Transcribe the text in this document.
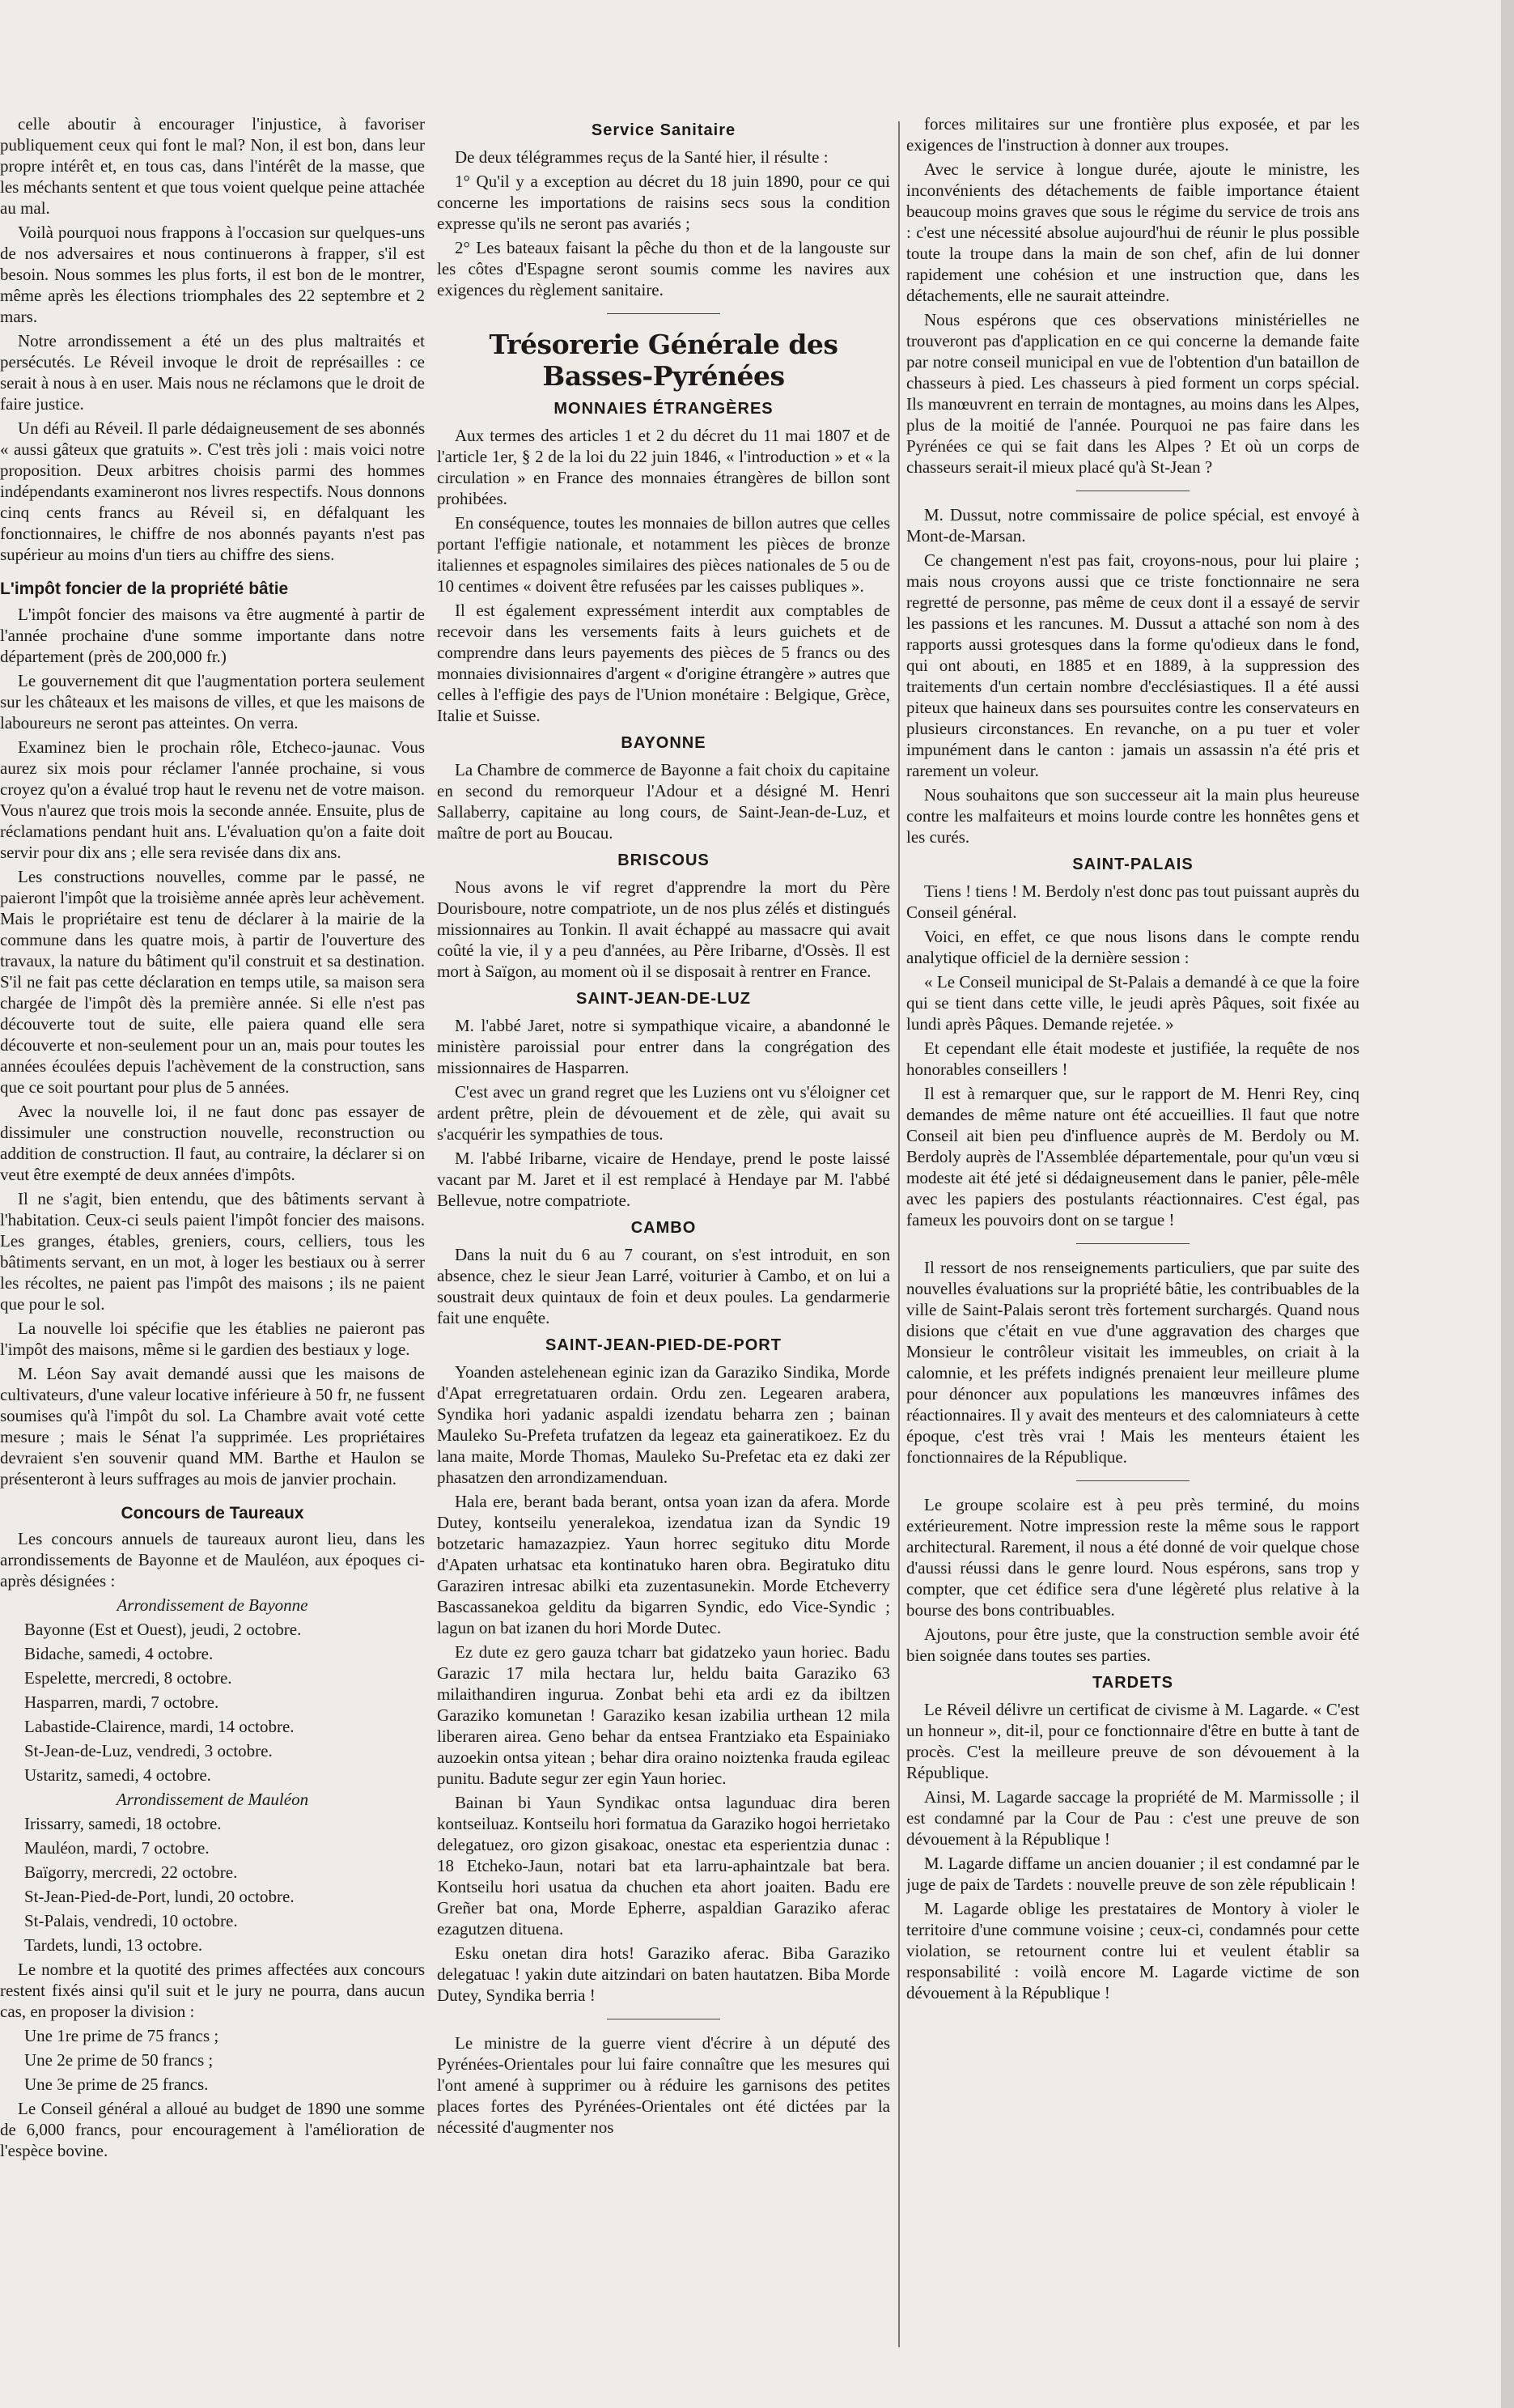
celle aboutir à encourager l'injustice, à favoriser publiquement ceux qui font le mal? Non, il est bon, dans leur propre intérêt et, en tous cas, dans l'intérêt de la masse, que les méchants sentent et que tous voient quelque peine attachée au mal.

Voilà pourquoi nous frappons à l'occasion sur quelques-uns de nos adversaires et nous continuerons à frapper, s'il est besoin. Nous sommes les plus forts, il est bon de le montrer, même après les élections triomphales des 22 septembre et 2 mars.

Notre arrondissement a été un des plus maltraités et persécutés. Le Réveil invoque le droit de représailles : ce serait à nous à en user. Mais nous ne réclamons que le droit de faire justice.

Un défi au Réveil. Il parle dédaigneusement de ses abonnés « aussi gâteux que gratuits ». C'est très joli : mais voici notre proposition. Deux arbitres choisis parmi des hommes indépendants examineront nos livres respectifs. Nous donnons cinq cents francs au Réveil si, en défalquant les fonctionnaires, le chiffre de nos abonnés payants n'est pas supérieur au moins d'un tiers au chiffre des siens.

L'impôt foncier de la propriété bâtie

L'impôt foncier des maisons va être augmenté à partir de l'année prochaine d'une somme importante dans notre département (près de 200,000 fr.)

Le gouvernement dit que l'augmentation portera seulement sur les châteaux et les maisons de villes, et que les maisons de laboureurs ne seront pas atteintes. On verra.

Examinez bien le prochain rôle, Etcheco-jaunac. Vous aurez six mois pour réclamer l'année prochaine, si vous croyez qu'on a évalué trop haut le revenu net de votre maison. Vous n'aurez que trois mois la seconde année. Ensuite, plus de réclamations pendant huit ans. L'évaluation qu'on a faite doit servir pour dix ans ; elle sera revisée dans dix ans.

Les constructions nouvelles, comme par le passé, ne paieront l'impôt que la troisième année après leur achèvement. Mais le propriétaire est tenu de déclarer à la mairie de la commune dans les quatre mois, à partir de l'ouverture des travaux, la nature du bâtiment qu'il construit et sa destination. S'il ne fait pas cette déclaration en temps utile, sa maison sera chargée de l'impôt dès la première année. Si elle n'est pas découverte tout de suite, elle paiera quand elle sera découverte et non-seulement pour un an, mais pour toutes les années écoulées depuis l'achèvement de la construction, sans que ce soit pourtant pour plus de 5 années.

Avec la nouvelle loi, il ne faut donc pas essayer de dissimuler une construction nouvelle, reconstruction ou addition de construction. Il faut, au contraire, la déclarer si on veut être exempté de deux années d'impôts.

Il ne s'agit, bien entendu, que des bâtiments servant à l'habitation. Ceux-ci seuls paient l'impôt foncier des maisons. Les granges, étables, greniers, cours, celliers, tous les bâtiments servant, en un mot, à loger les bestiaux ou à serrer les récoltes, ne paient pas l'impôt des maisons ; ils ne paient que pour le sol.

La nouvelle loi spécifie que les établies ne paieront pas l'impôt des maisons, même si le gardien des bestiaux y loge.

M. Léon Say avait demandé aussi que les maisons de cultivateurs, d'une valeur locative inférieure à 50 fr, ne fussent soumises qu'à l'impôt du sol. La Chambre avait voté cette mesure ; mais le Sénat l'a supprimée. Les propriétaires devraient s'en souvenir quand MM. Barthe et Haulon se présenteront à leurs suffrages au mois de janvier prochain.

Concours de Taureaux

Les concours annuels de taureaux auront lieu, dans les arrondissements de Bayonne et de Mauléon, aux époques ci-après désignées :

Arrondissement de Bayonne

Bayonne (Est et Ouest), jeudi, 2 octobre.
Bidache, samedi, 4 octobre.
Espelette, mercredi, 8 octobre.
Hasparren, mardi, 7 octobre.
Labastide-Clairence, mardi, 14 octobre.
St-Jean-de-Luz, vendredi, 3 octobre.
Ustaritz, samedi, 4 octobre.

Arrondissement de Mauléon

Irissarry, samedi, 18 octobre.
Mauléon, mardi, 7 octobre.
Baïgorry, mercredi, 22 octobre.
St-Jean-Pied-de-Port, lundi, 20 octobre.
St-Palais, vendredi, 10 octobre.
Tardets, lundi, 13 octobre.

Le nombre et la quotité des primes affectées aux concours restent fixés ainsi qu'il suit et le jury ne pourra, dans aucun cas, en proposer la division :

Une 1re prime de 75 francs ;
Une 2e prime de 50 francs ;
Une 3e prime de 25 francs.

Le Conseil général a alloué au budget de 1890 une somme de 6,000 francs, pour encouragement à l'amélioration de l'espèce bovine.

Service Sanitaire

De deux télégrammes reçus de la Santé hier, il résulte :

1° Qu'il y a exception au décret du 18 juin 1890, pour ce qui concerne les importations de raisins secs sous la condition expresse qu'ils ne seront pas avariés ;

2° Les bateaux faisant la pêche du thon et de la langouste sur les côtes d'Espagne seront soumis comme les navires aux exigences du règlement sanitaire.

Trésorerie Générale des Basses-Pyrénées
MONNAIES ÉTRANGÈRES

Aux termes des articles 1 et 2 du décret du 11 mai 1807 et de l'article 1er, § 2 de la loi du 22 juin 1846, « l'introduction » et « la circulation » en France des monnaies étrangères de billon sont prohibées.

En conséquence, toutes les monnaies de billon autres que celles portant l'effigie nationale, et notamment les pièces de bronze italiennes et espagnoles similaires des pièces nationales de 5 ou de 10 centimes « doivent être refusées par les caisses publiques ».

Il est également expressément interdit aux comptables de recevoir dans les versements faits à leurs guichets et de comprendre dans leurs payements des pièces de 5 francs ou des monnaies divisionnaires d'argent « d'origine étrangère » autres que celles à l'effigie des pays de l'Union monétaire : Belgique, Grèce, Italie et Suisse.

BAYONNE

La Chambre de commerce de Bayonne a fait choix du capitaine en second du remorqueur l'Adour et a désigné M. Henri Sallaberry, capitaine au long cours, de Saint-Jean-de-Luz, et maître de port au Boucau.

BRISCOUS

Nous avons le vif regret d'apprendre la mort du Père Dourisboure, notre compatriote, un de nos plus zélés et distingués missionnaires au Tonkin. Il avait échappé au massacre qui avait coûté la vie, il y a peu d'années, au Père Iribarne, d'Ossès. Il est mort à Saïgon, au moment où il se disposait à rentrer en France.

SAINT-JEAN-DE-LUZ

M. l'abbé Jaret, notre si sympathique vicaire, a abandonné le ministère paroissial pour entrer dans la congrégation des missionnaires de Hasparren.

C'est avec un grand regret que les Luziens ont vu s'éloigner cet ardent prêtre, plein de dévouement et de zèle, qui avait su s'acquérir les sympathies de tous.

M. l'abbé Iribarne, vicaire de Hendaye, prend le poste laissé vacant par M. Jaret et il est remplacé à Hendaye par M. l'abbé Bellevue, notre compatriote.

CAMBO

Dans la nuit du 6 au 7 courant, on s'est introduit, en son absence, chez le sieur Jean Larré, voiturier à Cambo, et on lui a soustrait deux quintaux de foin et deux poules. La gendarmerie fait une enquête.

SAINT-JEAN-PIED-DE-PORT

Yoanden astelehenean eginic izan da Garaziko Sindika, Morde d'Apat erregretatuaren ordain. Ordu zen. Legearen arabera, Syndika hori yadanic aspaldi izendatu beharra zen ; bainan Mauleko Su-Prefeta trufatzen da legeaz eta gaineratikoez. Ez du lana maite, Morde Thomas, Mauleko Su-Prefetac eta ez daki zer phasatzen den arrondizamenduan.

Hala ere, berant bada berant, ontsa yoan izan da afera. Morde Dutey, kontseilu yeneralekoa, izendatua izan da Syndic 19 botzetaric hamazazpiez. Yaun horrec segituko ditu Morde d'Apaten urhatsac eta kontinatuko haren obra. Begiratuko ditu Garaziren intresac abilki eta zuzentasunekin. Morde Etcheverry Bascassanekoa gelditu da bigarren Syndic, edo Vice-Syndic ; lagun on bat izanen du hori Morde Dutec.

Ez dute ez gero gauza tcharr bat gidatzeko yaun horiec. Badu Garazic 17 mila hectara lur, heldu baita Garaziko 63 milaithandiren ingurua. Zonbat behi eta ardi ez da ibiltzen Garaziko komunetan ! Garaziko kesan izabilia urthean 12 mila liberaren airea. Geno behar da entsea Frantziako eta Espainiako auzoekin ontsa yitean ; behar dira oraino noiztenka frauda egileac punitu. Badute segur zer egin Yaun horiec.

Bainan bi Yaun Syndikac ontsa lagunduac dira beren kontseiluaz. Kontseilu hori formatua da Garaziko hogoi herrietako delegatuez, oro gizon gisakoac, onestac eta esperientzia dunac : 18 Etcheko-Jaun, notari bat eta larru-aphaintzale bat bera. Kontseilu hori usatua da chuchen eta ahort joaiten. Badu ere Greñer bat ona, Morde Epherre, aspaldian Garaziko aferac ezagutzen dituena.

Esku onetan dira hots! Garaziko aferac. Biba Garaziko delegatuac ! yakin dute aitzindari on baten hautatzen. Biba Morde Dutey, Syndika berria !

Le ministre de la guerre vient d'écrire à un député des Pyrénées-Orientales pour lui faire connaître que les mesures qui l'ont amené à supprimer ou à réduire les garnisons des petites places fortes des Pyrénées-Orientales ont été dictées par la nécessité d'augmenter nos

forces militaires sur une frontière plus exposée, et par les exigences de l'instruction à donner aux troupes.

Avec le service à longue durée, ajoute le ministre, les inconvénients des détachements de faible importance étaient beaucoup moins graves que sous le régime du service de trois ans : c'est une nécessité absolue aujourd'hui de réunir le plus possible toute la troupe dans la main de son chef, afin de lui donner rapidement une cohésion et une instruction que, dans les détachements, elle ne saurait atteindre.

Nous espérons que ces observations ministérielles ne trouveront pas d'application en ce qui concerne la demande faite par notre conseil municipal en vue de l'obtention d'un bataillon de chasseurs à pied. Les chasseurs à pied forment un corps spécial. Ils manœuvrent en terrain de montagnes, au moins dans les Alpes, plus de la moitié de l'année. Pourquoi ne pas faire dans les Pyrénées ce qui se fait dans les Alpes ? Et où un corps de chasseurs serait-il mieux placé qu'à St-Jean ?

M. Dussut, notre commissaire de police spécial, est envoyé à Mont-de-Marsan.

Ce changement n'est pas fait, croyons-nous, pour lui plaire ; mais nous croyons aussi que ce triste fonctionnaire ne sera regretté de personne, pas même de ceux dont il a essayé de servir les passions et les rancunes. M. Dussut a attaché son nom à des rapports aussi grotesques dans la forme qu'odieux dans le fond, qui ont abouti, en 1885 et en 1889, à la suppression des traitements d'un certain nombre d'ecclésiastiques. Il a été aussi piteux que haineux dans ses poursuites contre les conservateurs en plusieurs circonstances. En revanche, on a pu tuer et voler impunément dans le canton : jamais un assassin n'a été pris et rarement un voleur.

Nous souhaitons que son successeur ait la main plus heureuse contre les malfaiteurs et moins lourde contre les honnêtes gens et les curés.

SAINT-PALAIS

Tiens ! tiens ! M. Berdoly n'est donc pas tout puissant auprès du Conseil général.

Voici, en effet, ce que nous lisons dans le compte rendu analytique officiel de la dernière session :

« Le Conseil municipal de St-Palais a demandé à ce que la foire qui se tient dans cette ville, le jeudi après Pâques, soit fixée au lundi après Pâques. Demande rejetée. »

Et cependant elle était modeste et justifiée, la requête de nos honorables conseillers !

Il est à remarquer que, sur le rapport de M. Henri Rey, cinq demandes de même nature ont été accueillies. Il faut que notre Conseil ait bien peu d'influence auprès de M. Berdoly ou M. Berdoly auprès de l'Assemblée départementale, pour qu'un vœu si modeste ait été jeté si dédaigneusement dans le panier, pêle-mêle avec les papiers des postulants réactionnaires. C'est égal, pas fameux les pouvoirs dont on se targue !

Il ressort de nos renseignements particuliers, que par suite des nouvelles évaluations sur la propriété bâtie, les contribuables de la ville de Saint-Palais seront très fortement surchargés. Quand nous disions que c'était en vue d'une aggravation des charges que Monsieur le contrôleur visitait les immeubles, on criait à la calomnie, et les préfets indignés prenaient leur meilleure plume pour dénoncer aux populations les manœuvres infâmes des réactionnaires. Il y avait des menteurs et des calomniateurs à cette époque, c'est très vrai ! Mais les menteurs étaient les fonctionnaires de la République.

Le groupe scolaire est à peu près terminé, du moins extérieurement. Notre impression reste la même sous le rapport architectural. Rarement, il nous a été donné de voir quelque chose d'aussi réussi dans le genre lourd. Nous espérons, sans trop y compter, que cet édifice sera d'une légèreté plus relative à la bourse des bons contribuables.

Ajoutons, pour être juste, que la construction semble avoir été bien soignée dans toutes ses parties.

TARDETS

Le Réveil délivre un certificat de civisme à M. Lagarde. « C'est un honneur », dit-il, pour ce fonctionnaire d'être en butte à tant de procès. C'est la meilleure preuve de son dévouement à la République.

Ainsi, M. Lagarde saccage la propriété de M. Marmissolle ; il est condamné par la Cour de Pau : c'est une preuve de son dévouement à la République !

M. Lagarde diffame un ancien douanier ; il est condamné par le juge de paix de Tardets : nouvelle preuve de son zèle républicain !

M. Lagarde oblige les prestataires de Montory à violer le territoire d'une commune voisine ; ceux-ci, condamnés pour cette violation, se retournent contre lui et veulent établir sa responsabilité : voilà encore M. Lagarde victime de son dévouement à la République !
